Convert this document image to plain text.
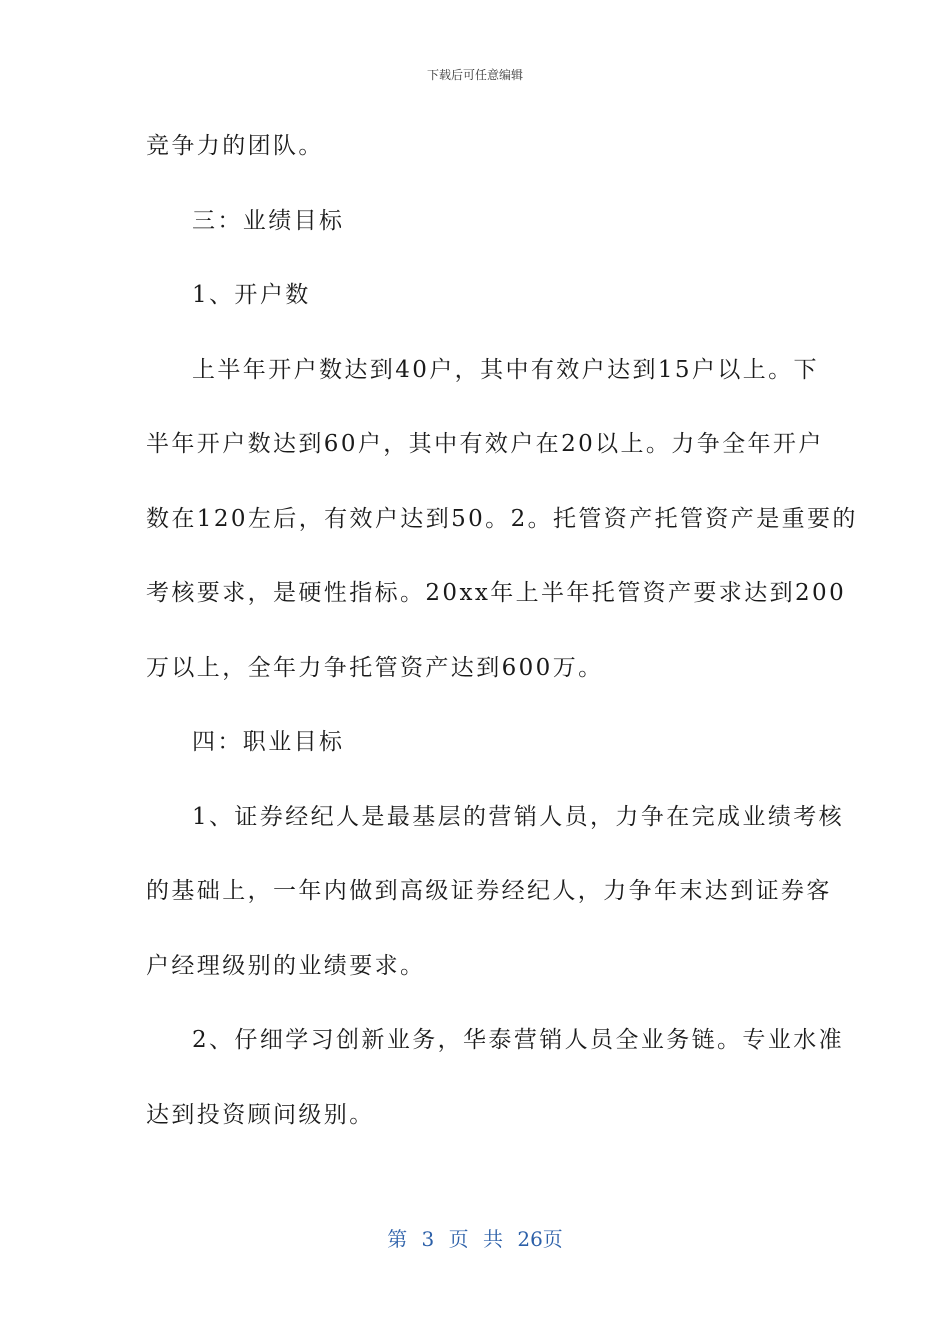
下载后可任意编辑
竞争力的团队。
三：业绩目标
1、开户数
上半年开户数达到40户，其中有效户达到15户以上。下
半年开户数达到60户，其中有效户在20以上。力争全年开户
数在120左后，有效户达到50。2。托管资产托管资产是重要的
考核要求，是硬性指标。20xx年上半年托管资产要求达到200
万以上，全年力争托管资产达到600万。
四：职业目标
1、证券经纪人是最基层的营销人员，力争在完成业绩考核
的基础上，一年内做到高级证券经纪人，力争年末达到证券客
户经理级别的业绩要求。
2、仔细学习创新业务，华泰营销人员全业务链。专业水准
达到投资顾问级别。
第 3 页 共 26页
